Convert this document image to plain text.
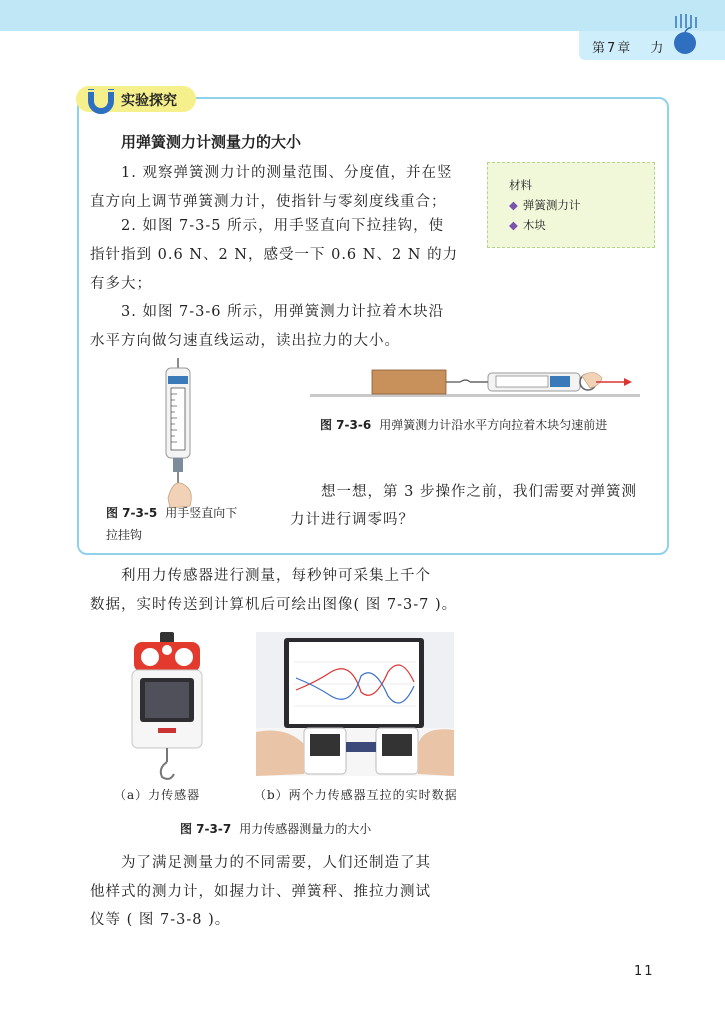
第7章 力
实验探究
用弹簧测力计测量力的大小
1. 观察弹簧测力计的测量范围、分度值，并在竖
直方向上调节弹簧测力计，使指针与零刻度线重合；
2. 如图 7-3-5 所示，用手竖直向下拉挂钩，使
指针指到 0.6 N、2 N，感受一下 0.6 N、2 N 的力
有多大；
3. 如图 7-3-6 所示，用弹簧测力计拉着木块沿
水平方向做匀速直线运动，读出拉力的大小。
材料
◆ 弹簧测力计
◆ 木块
图 7-3-5 用手竖直向下
拉挂钩
图 7-3-6 用弹簧测力计沿水平方向拉着木块匀速前进
想一想，第 3 步操作之前，我们需要对弹簧测
力计进行调零吗？
利用力传感器进行测量，每秒钟可采集上千个
数据，实时传送到计算机后可绘出图像( 图 7-3-7 )。
（a）力传感器	（b）两个力传感器互拉的实时数据
图 7-3-7 用力传感器测量力的大小
为了满足测量力的不同需要，人们还制造了其
他样式的测力计，如握力计、弹簧秤、推拉力测试
仪等 ( 图 7-3-8 )。
11
